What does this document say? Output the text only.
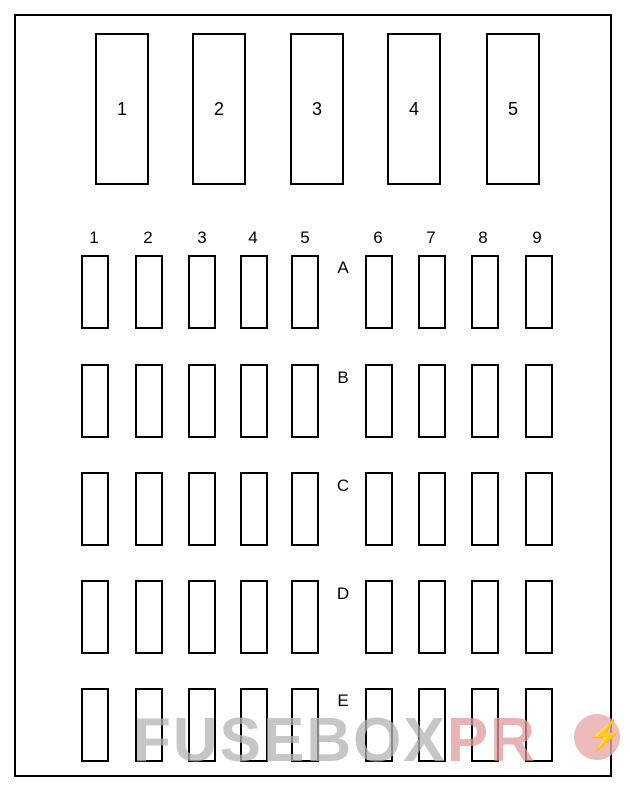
1	2	3	4	5
1	2	3	4	5	6	7	8	9
A
B
C
D
E
FUSEBOXPR ⚡
